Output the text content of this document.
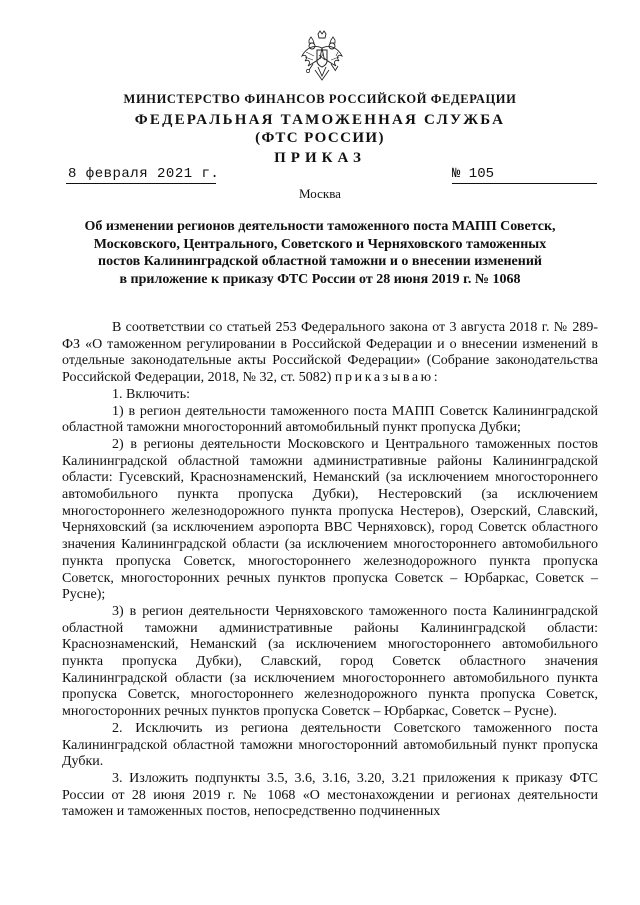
МИНИСТЕРСТВО ФИНАНСОВ РОССИЙСКОЙ ФЕДЕРАЦИИ
ФЕДЕРАЛЬНАЯ ТАМОЖЕННАЯ СЛУЖБА
(ФТС РОССИИ)
ПРИКАЗ
8 февраля 2021 г.	№ 105
Москва
Об изменении регионов деятельности таможенного поста МАПП Советск,
Московского, Центрального, Советского и Черняховского таможенных
постов Калининградской областной таможни и о внесении изменений
в приложение к приказу ФТС России от 28 июня 2019 г. № 1068

В соответствии со статьей 253 Федерального закона от 3 августа 2018 г. № 289-ФЗ «О таможенном регулировании в Российской Федерации и о внесении изменений в отдельные законодательные акты Российской Федерации» (Собрание законодательства Российской Федерации, 2018, № 32, ст. 5082) приказываю:

1. Включить:

1) в регион деятельности таможенного поста МАПП Советск Калининградской областной таможни многосторонний автомобильный пункт пропуска Дубки;

2) в регионы деятельности Московского и Центрального таможенных постов Калининградской областной таможни административные районы Калининградской области: Гусевский, Краснознаменский, Неманский (за исключением многостороннего автомобильного пункта пропуска Дубки), Нестеровский (за исключением многостороннего железнодорожного пункта пропуска Нестеров), Озерский, Славский, Черняховский (за исключением аэропорта ВВС Черняховск), город Советск областного значения Калининградской области (за исключением многостороннего автомобильного пункта пропуска Советск, многостороннего железнодорожного пункта пропуска Советск, многосторонних речных пунктов пропуска Советск – Юрбаркас, Советск – Русне);

3) в регион деятельности Черняховского таможенного поста Калининградской областной таможни административные районы Калининградской области: Краснознаменский, Неманский (за исключением многостороннего автомобильного пункта пропуска Дубки), Славский, город Советск областного значения Калининградской области (за исключением многостороннего автомобильного пункта пропуска Советск, многостороннего железнодорожного пункта пропуска Советск, многосторонних речных пунктов пропуска Советск – Юрбаркас, Советск – Русне).

2. Исключить из региона деятельности Советского таможенного поста Калининградской областной таможни многосторонний автомобильный пункт пропуска Дубки.

3. Изложить подпункты 3.5, 3.6, 3.16, 3.20, 3.21 приложения к приказу ФТС России от 28 июня 2019 г. № 1068 «О местонахождении и регионах деятельности таможен и таможенных постов, непосредственно подчиненных
